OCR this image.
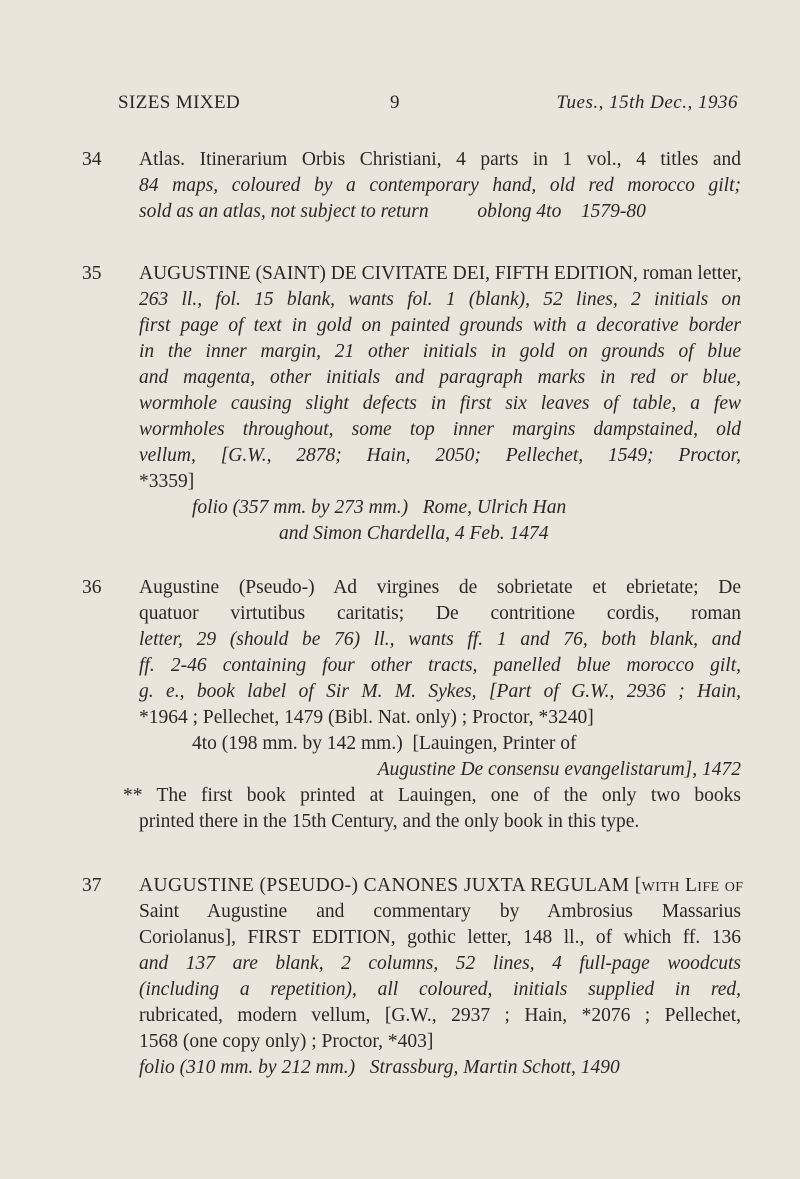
SIZES MIXED	9	Tues., 15th Dec., 1936
34	Atlas. Itinerarium Orbis Christiani, 4 parts in 1 vol., 4 titles and
84 maps, coloured by a contemporary hand, old red morocco gilt;
sold as an atlas, not subject to return          oblong 4to    1579-80
35	AUGUSTINE (SAINT) DE CIVITATE DEI, FIFTH EDITION, roman letter,
263 ll., fol. 15 blank, wants fol. 1 (blank), 52 lines, 2 initials on
first page of text in gold on painted grounds with a decorative border
in the inner margin, 21 other initials in gold on grounds of blue
and magenta, other initials and paragraph marks in red or blue,
wormhole causing slight defects in first six leaves of table, a few
wormholes throughout, some top inner margins dampstained, old
vellum, [G.W., 2878; Hain, 2050; Pellechet, 1549; Proctor,
*3359]
folio (357 mm. by 273 mm.)   Rome, Ulrich Han
and Simon Chardella, 4 Feb. 1474
36	Augustine (Pseudo-) Ad virgines de sobrietate et ebrietate; De
quatuor virtutibus caritatis; De contritione cordis, roman
letter, 29 (should be 76) ll., wants ff. 1 and 76, both blank, and
ff. 2-46 containing four other tracts, panelled blue morocco gilt,
g. e., book label of Sir M. M. Sykes, [Part of G.W., 2936 ; Hain,
*1964 ; Pellechet, 1479 (Bibl. Nat. only) ; Proctor, *3240]
4to (198 mm. by 142 mm.)  [Lauingen, Printer of
Augustine De consensu evangelistarum], 1472
** The first book printed at Lauingen, one of the only two books
printed there in the 15th Century, and the only book in this type.
37	AUGUSTINE (PSEUDO-) CANONES JUXTA REGULAM [with Life of
Saint Augustine and commentary by Ambrosius Massarius
Coriolanus], FIRST EDITION, gothic letter, 148 ll., of which ff. 136
and 137 are blank, 2 columns, 52 lines, 4 full-page woodcuts
(including a repetition), all coloured, initials supplied in red,
rubricated, modern vellum, [G.W., 2937 ; Hain, *2076 ; Pellechet,
1568 (one copy only) ; Proctor, *403]
folio (310 mm. by 212 mm.)   Strassburg, Martin Schott, 1490
